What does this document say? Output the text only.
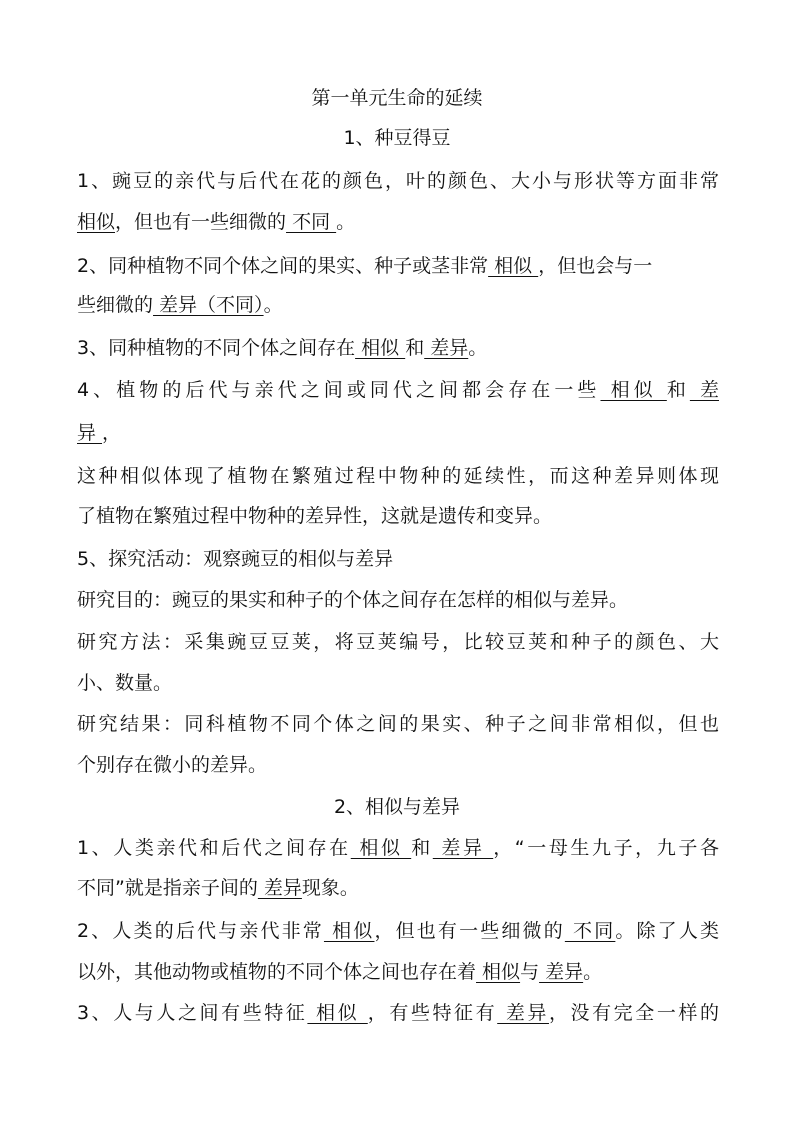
第一单元生命的延续
1、种豆得豆
1、豌豆的亲代与后代在花的颜色，叶的颜色、大小与形状等方面非常
相似，但也有一些细微的 不同 。
2、同种植物不同个体之间的果实、种子或茎非常 相似 ，但也会与一
些细微的 差异（不同）。
3、同种植物的不同个体之间存在 相似 和 差异。
4、植物的后代与亲代之间或同代之间都会存在一些 相似 和 差
异 ，
这种相似体现了植物在繁殖过程中物种的延续性，而这种差异则体现
了植物在繁殖过程中物种的差异性，这就是遗传和变异。
5、探究活动：观察豌豆的相似与差异
研究目的：豌豆的果实和种子的个体之间存在怎样的相似与差异。
研究方法：采集豌豆豆荚，将豆荚编号，比较豆荚和种子的颜色、大
小、数量。
研究结果：同科植物不同个体之间的果实、种子之间非常相似，但也
个别存在微小的差异。
2、相似与差异
1、人类亲代和后代之间存在 相似 和 差异 ，“一母生九子，九子各
不同”就是指亲子间的 差异现象。
2、人类的后代与亲代非常 相似，但也有一些细微的 不同。除了人类
以外，其他动物或植物的不同个体之间也存在着 相似与 差异。
3、人与人之间有些特征 相似 ，有些特征有 差异，没有完全一样的
